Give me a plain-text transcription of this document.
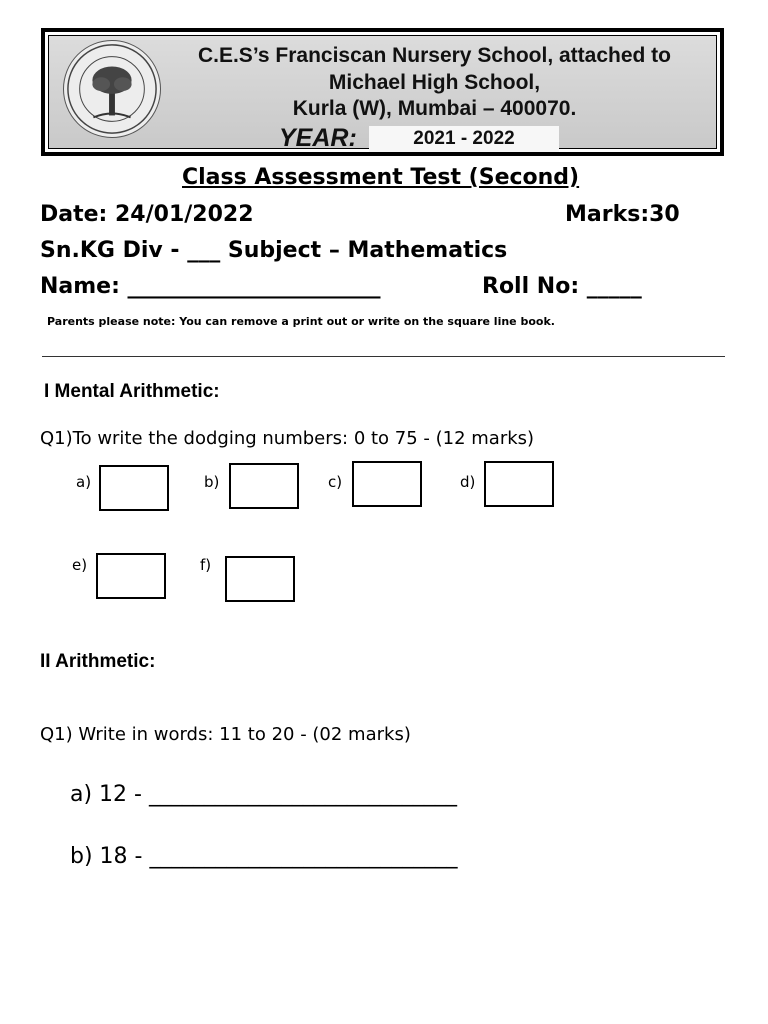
C.E.S’s Franciscan Nursery School, attached to
Michael High School,
Kurla (W), Mumbai – 400070.
YEAR:	2021 - 2022
Class Assessment Test (Second)
Date: 24/01/2022	Marks:30
Sn.KG Div - ___ Subject – Mathematics
Name: _______________________	Roll No: _____
Parents please note: You can remove a print out or write on the square line book.
I Mental Arithmetic:
Q1)To write the dodging numbers: 0 to 75 - (12 marks)
a)	b)	c)	d)
e)	f)
II Arithmetic:
Q1) Write in words: 11 to 20 - (02 marks)
a) 12 - ____________________________
b) 18 - ____________________________
